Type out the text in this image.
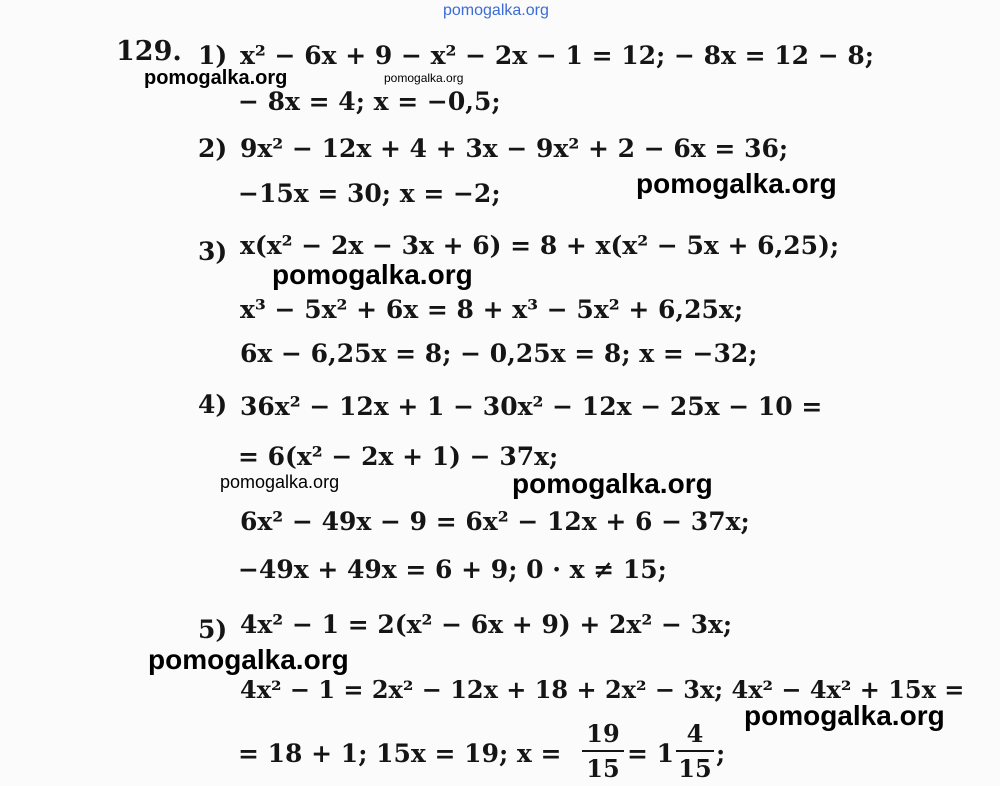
pomogalka.org
129. 1) x² − 6x + 9 − x² − 2x − 1 = 12; − 8x = 12 − 8;
− 8x = 4; x = −0,5;
2) 9x² − 12x + 4 + 3x − 9x² + 2 − 6x = 36;
−15x = 30; x = −2;
3) x(x² − 2x − 3x + 6) = 8 + x(x² − 5x + 6,25);
x³ − 5x² + 6x = 8 + x³ − 5x² + 6,25x;
6x − 6,25x = 8; − 0,25x = 8; x = −32;
4) 36x² − 12x + 1 − 30x² − 12x − 25x − 10 =
= 6(x² − 2x + 1) − 37x;
6x² − 49x − 9 = 6x² − 12x + 6 − 37x;
−49x + 49x = 6 + 9; 0 · x ≠ 15;
5) 4x² − 1 = 2(x² − 6x + 9) + 2x² − 3x;
4x² − 1 = 2x² − 12x + 18 + 2x² − 3x; 4x² − 4x² + 15x =
= 18 + 1; 15x = 19; x =
19
15
= 1
4
15
;
pomogalka.org	pomogalka.org
pomogalka.org
pomogalka.org
pomogalka.org	pomogalka.org
pomogalka.org
pomogalka.org
